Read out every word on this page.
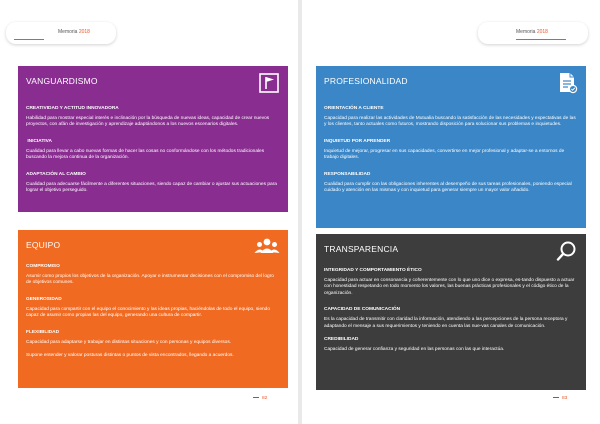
Memoria 2018
VANGUARDISMO
CREATIVIDAD Y ACTITUD INNOVADORA

Habilidad para mostrar especial interés e inclinación por la búsqueda de nuevas ideas, capacidad de crear nuevos proyectos, con afán de investigación y aprendizaje adaptándonos a los nuevos escenarios digitales.

INICIATIVA

Cualidad para llevar a cabo nuevas formas de hacer las cosas no conformándose con los métodos tradicionales buscando la mejora continua de la organización.

ADAPTACIÓN AL CAMBIO

Cualidad para adecuarse fácilmente a diferentes situaciones, siendo capaz de cambiar o ajustar sus actuaciones para lograr el objetivo perseguido.

EQUIPO
COMPROMISO

Asumir como propios los objetivos de la organización. Apoyar e instrumentar decisiones con el compromiso del logro de objetivos comunes.

GENEROSIDAD

Capacidad para compartir con el equipo el conocimiento y las ideas propias, haciéndolas de todo el equipo, siendo capaz de asumir como propias las del equipo, generando una cultura de compartir.

FLEXIBILIDAD

Capacidad para adaptarse y trabajar en distintas situaciones y con personas y equipos diversos.

Supone entender y valorar posturas distintas o puntos de vista encontrados, llegando a acuerdos.

82
Memoria 2018
PROFESIONALIDAD
ORIENTACIÓN A CLIENTE

Capacidad para realizar las actividades de Mutualia buscando la satisfacción de las necesidades y expectativas de las y los clientes, tanto actuales como futuros, mostrando disposición para solucionar sus problemas e inquietudes.

INQUIETUD POR APRENDER

Inquietud de mejorar, progresar en sus capacidades, convertirse en mejor profesional y adaptar-se a entornos de trabajo digitales.

RESPONSABILIDAD

Cualidad para cumplir con las obligaciones inherentes al desempeño de sus tareas profesionales, poniendo especial cuidado y atención en las mismas y con inquietud para generar siempre un mayor valor añadido.

TRANSPARENCIA
INTEGRIDAD Y COMPORTAMIENTO ÉTICO

Capacidad para actuar en consonancia y coherentemente con lo que uno dice o expresa, es-tando dispuesto a actuar con honestidad respetando en todo momento los valores, las buenas prácticas profesionales y el código ético de la organización.

CAPACIDAD DE COMUNICACIÓN

Es la capacidad de transmitir con claridad la información, atendiendo a las percepciones de la persona receptora y adaptando el mensaje a sus requerimientos y teniendo en cuenta las nue-vas canales de comunicación.

CREDIBILIDAD

Capacidad de generar confianza y seguridad en las personas con las que interactúa.

83
